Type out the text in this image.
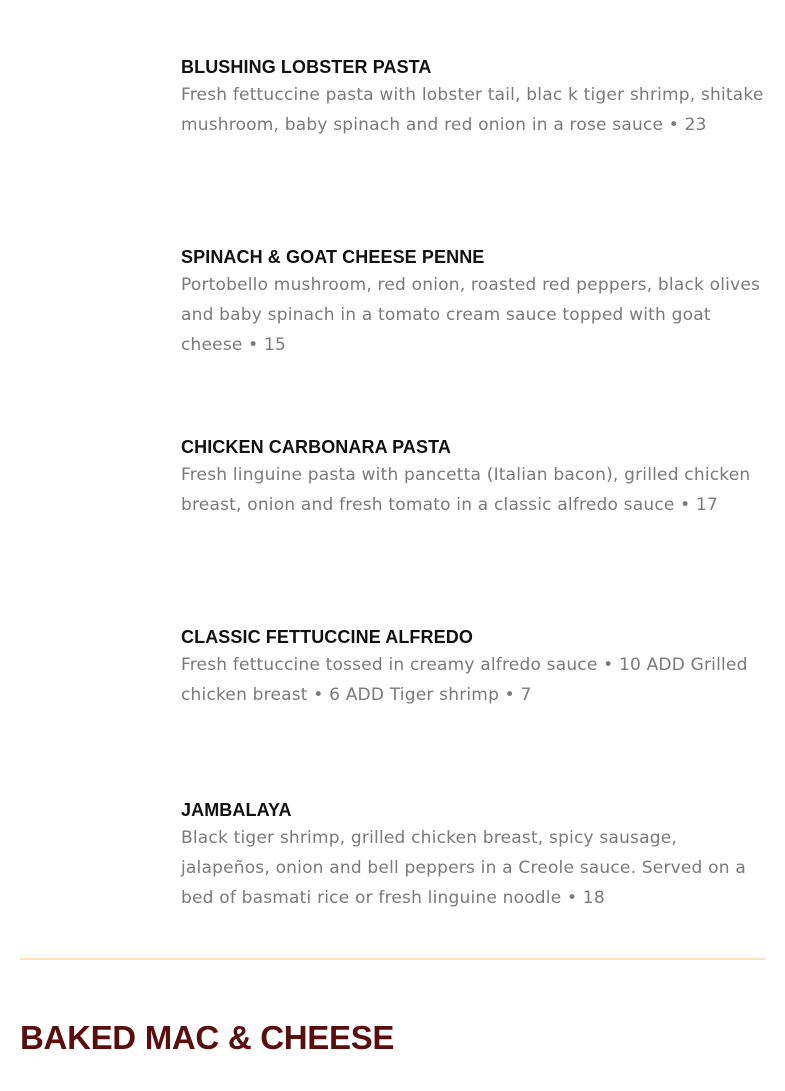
BLUSHING LOBSTER PASTA

Fresh fettuccine pasta with lobster tail, blac k tiger shrimp, shitake mushroom, baby spinach and red onion in a rose sauce • 23

SPINACH & GOAT CHEESE PENNE

Portobello mushroom, red onion, roasted red peppers, black olives and baby spinach in a tomato cream sauce topped with goat cheese • 15

CHICKEN CARBONARA PASTA

Fresh linguine pasta with pancetta (Italian bacon), grilled chicken breast, onion and fresh tomato in a classic alfredo sauce • 17

CLASSIC FETTUCCINE ALFREDO

Fresh fettuccine tossed in creamy alfredo sauce • 10 ADD Grilled chicken breast • 6 ADD Tiger shrimp • 7

JAMBALAYA

Black tiger shrimp, grilled chicken breast, spicy sausage, jalapeños, onion and bell peppers in a Creole sauce. Served on a bed of basmati rice or fresh linguine noodle • 18

BAKED MAC & CHEESE
